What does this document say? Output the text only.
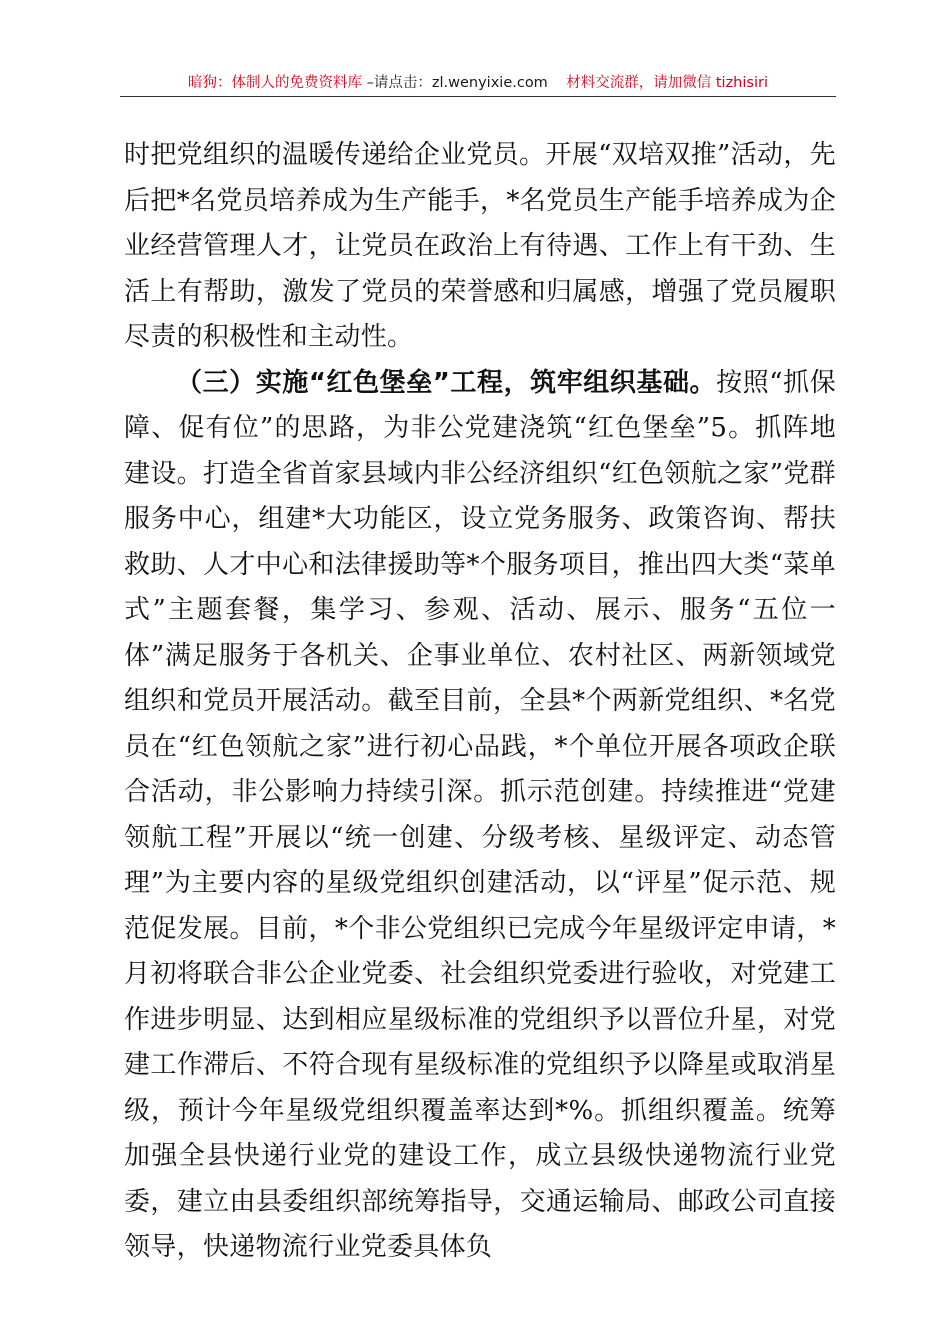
暗狗：体制人的免费资料库 –请点击：zl.wenyixie.com 材料交流群，请加微信 tizhisiri

时把党组织的温暖传递给企业党员。开展“双培双推”活动，先后把*名党员培养成为生产能手，*名党员生产能手培养成为企业经营管理人才，让党员在政治上有待遇、工作上有干劲、生活上有帮助，激发了党员的荣誉感和归属感，增强了党员履职尽责的积极性和主动性。

（三）实施“红色堡垒”工程，筑牢组织基础。按照“抓保障、促有位”的思路，为非公党建浇筑“红色堡垒”5。抓阵地建设。打造全省首家县域内非公经济组织“红色领航之家”党群服务中心，组建*大功能区，设立党务服务、政策咨询、帮扶救助、人才中心和法律援助等*个服务项目，推出四大类“菜单式”主题套餐，集学习、参观、活动、展示、服务“五位一体”满足服务于各机关、企事业单位、农村社区、两新领域党组织和党员开展活动。截至目前，全县*个两新党组织、*名党员在“红色领航之家”进行初心品践，*个单位开展各项政企联合活动，非公影响力持续引深。抓示范创建。持续推进“党建领航工程”开展以“统一创建、分级考核、星级评定、动态管理”为主要内容的星级党组织创建活动，以“评星”促示范、规范促发展。目前，*个非公党组织已完成今年星级评定申请，*月初将联合非公企业党委、社会组织党委进行验收，对党建工作进步明显、达到相应星级标准的党组织予以晋位升星，对党建工作滞后、不符合现有星级标准的党组织予以降星或取消星级，预计今年星级党组织覆盖率达到*%。抓组织覆盖。统筹加强全县快递行业党的建设工作，成立县级快递物流行业党委，建立由县委组织部统筹指导，交通运输局、邮政公司直接领导，快递物流行业党委具体负
